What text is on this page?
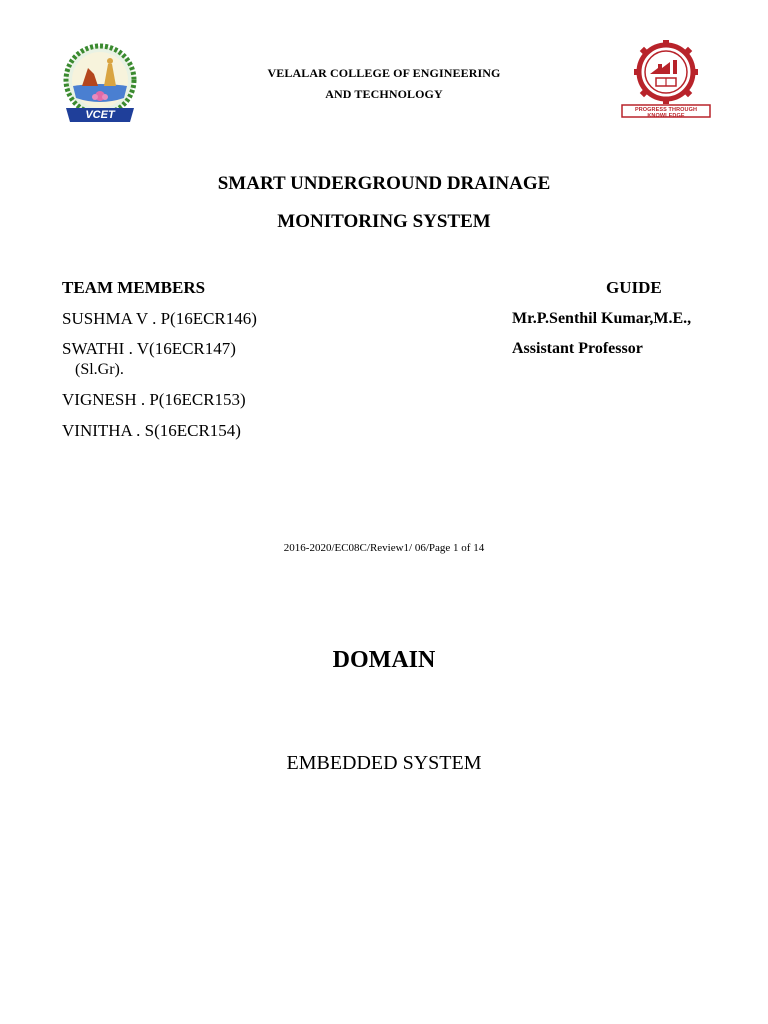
VCET
VELALAR COLLEGE OF ENGINEERING
AND TECHNOLOGY
PROGRESS THROUGH KNOWLEDGE
SMART UNDERGROUND DRAINAGE
MONITORING SYSTEM
TEAM MEMBERS	GUIDE
SUSHMA V . P(16ECR146)
SWATHI . V(16ECR147)
(Sl.Gr).
VIGNESH . P(16ECR153)
VINITHA . S(16ECR154)
Mr.P.Senthil Kumar,M.E.,
Assistant Professor
2016-2020/EC08C/Review1/ 06/Page 1 of 14
DOMAIN
EMBEDDED SYSTEM
